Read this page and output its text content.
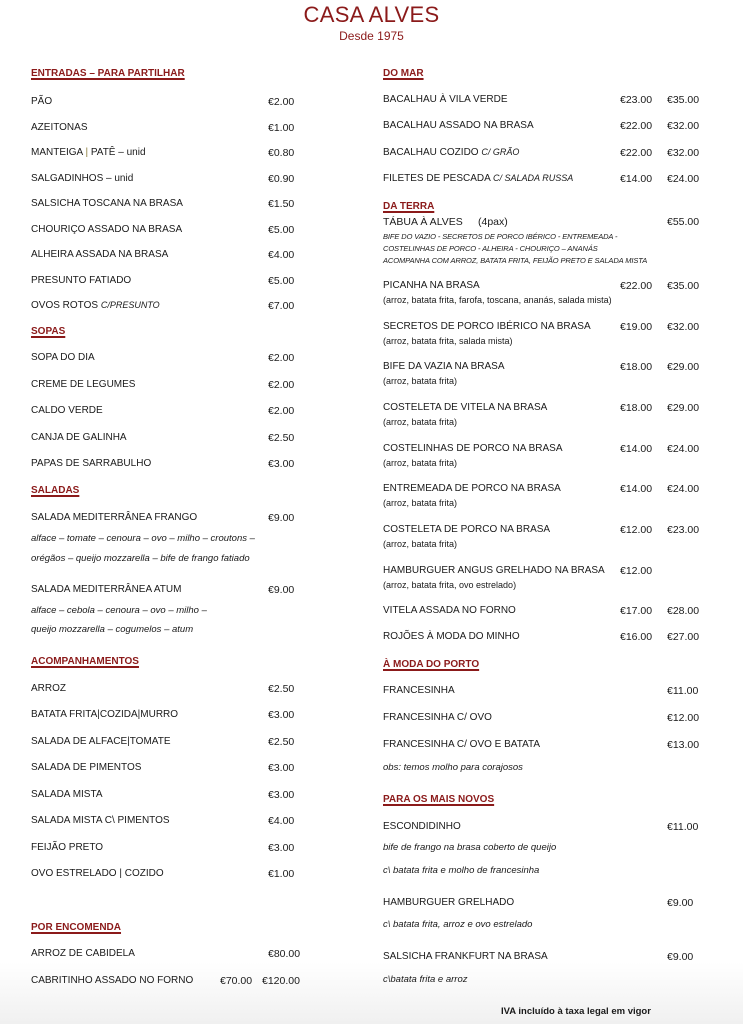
CASA ALVES
Desde 1975
ENTRADAS – PARA PARTILHAR
PÃO	€2.00
AZEITONAS	€1.00
MANTEIGA | PATÊ – unid	€0.80
SALGADINHOS – unid	€0.90
SALSICHA TOSCANA NA BRASA	€1.50
CHOURIÇO ASSADO NA BRASA	€5.00
ALHEIRA ASSADA NA BRASA	€4.00
PRESUNTO FATIADO	€5.00
OVOS ROTOS C/PRESUNTO	€7.00
SOPAS
SOPA DO DIA	€2.00
CREME DE LEGUMES	€2.00
CALDO VERDE	€2.00
CANJA DE GALINHA	€2.50
PAPAS DE SARRABULHO	€3.00
SALADAS
SALADA MEDITERRÂNEA FRANGO	€9.00
alface – tomate – cenoura – ovo – milho – croutons –
orégãos – queijo mozzarella – bife de frango fatiado
SALADA MEDITERRÂNEA ATUM	€9.00
alface – cebola – cenoura – ovo – milho –
queijo mozzarella – cogumelos – atum
ACOMPANHAMENTOS
ARROZ	€2.50
BATATA FRITA|COZIDA|MURRO	€3.00
SALADA DE ALFACE|TOMATE	€2.50
SALADA DE PIMENTOS	€3.00
SALADA MISTA	€3.00
SALADA MISTA C\ PIMENTOS	€4.00
FEIJÃO PRETO	€3.00
OVO ESTRELADO | COZIDO	€1.00
POR ENCOMENDA
ARROZ DE CABIDELA	€80.00
CABRITINHO ASSADO NO FORNO	€70.00 €120.00
DO MAR
BACALHAU À VILA VERDE	€23.00 €35.00
BACALHAU ASSADO NA BRASA	€22.00 €32.00
BACALHAU COZIDO C/ GRÃO	€22.00 €32.00
FILETES DE PESCADA C/ SALADA RUSSA	€14.00 €24.00
DA TERRA
TÁBUA À ALVES (4pax)	€55.00
BIFE DO VAZIO - SECRETOS DE PORCO IBÉRICO - ENTREMEADA -
COSTELINHAS DE PORCO - ALHEIRA - CHOURIÇO – ANANÁS
ACOMPANHA COM ARROZ, BATATA FRITA, FEIJÃO PRETO E SALADA MISTA
PICANHA NA BRASA	€22.00 €35.00
(arroz, batata frita, farofa, toscana, ananás, salada mista)
SECRETOS DE PORCO IBÉRICO NA BRASA	€19.00 €32.00
(arroz, batata frita, salada mista)
BIFE DA VAZIA NA BRASA	€18.00 €29.00
(arroz, batata frita)
COSTELETA DE VITELA NA BRASA	€18.00 €29.00
(arroz, batata frita)
COSTELINHAS DE PORCO NA BRASA	€14.00 €24.00
(arroz, batata frita)
ENTREMEADA DE PORCO NA BRASA	€14.00 €24.00
(arroz, batata frita)
COSTELETA DE PORCO NA BRASA	€12.00 €23.00
(arroz, batata frita)
HAMBURGUER ANGUS GRELHADO NA BRASA €12.00
(arroz, batata frita, ovo estrelado)
VITELA ASSADA NO FORNO	€17.00 €28.00
ROJÕES À MODA DO MINHO	€16.00 €27.00
À MODA DO PORTO
FRANCESINHA	€11.00
FRANCESINHA C/ OVO	€12.00
FRANCESINHA C/ OVO E BATATA	€13.00
obs: temos molho para corajosos
PARA OS MAIS NOVOS
ESCONDIDINHO	€11.00
bife de frango na brasa coberto de queijo
c\ batata frita e molho de francesinha
HAMBURGUER GRELHADO	€9.00
c\ batata frita, arroz e ovo estrelado
SALSICHA FRANKFURT NA BRASA	€9.00
c\batata frita e arroz
IVA incluído à taxa legal em vigor
